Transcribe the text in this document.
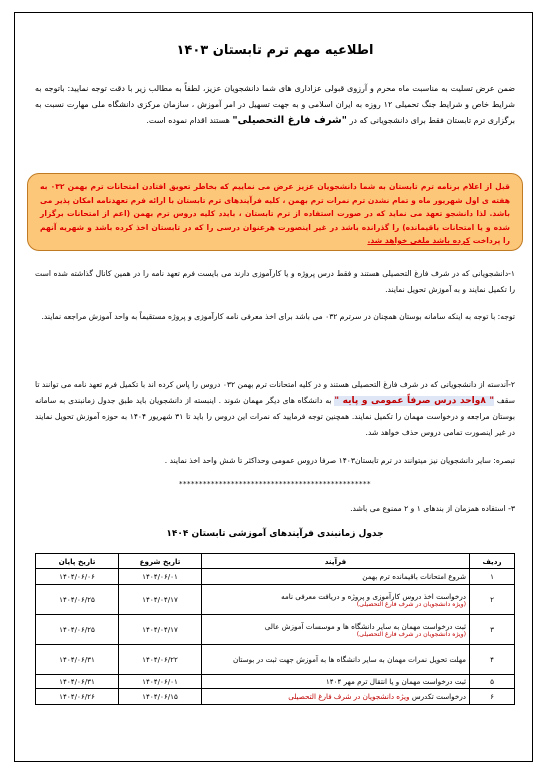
اطلاعیه مهم ترم تابستان ۱۴۰۳
ضمن عرض تسلیت به مناسبت ماه محرم و آرزوی قبولی عزاداری های شما دانشجویان عزیز، لطفاً به مطالب زیر با دقت توجه نمایید: باتوجه به شرایط خاص و شرایط جنگ تحمیلی ۱۲ روزه به ایران اسلامی و به جهت تسهیل در امر آموزش ، سازمان مرکزی دانشگاه ملی مهارت نسبت به برگزاری ترم تابستان فقط برای دانشجویانی که در "شرف فارغ التحصیلی" هستند اقدام نموده است.
قبل از اعلام برنامه ترم تابستان به شما دانشجویان عزیز عرض می نماییم که بخاطر تعویق افتادن امتحانات ترم بهمن ۰۳۲ به هفته ی اول شهریور ماه و تمام نشدن ترم نمرات ترم بهمن ، کلیه فرآیندهای ترم تابستان با ارائه فرم تعهدنامه امکان پذیر می باشد. لذا دانشجو تعهد می نماید که در صورت استفاده از ترم تابستان ، بایدد کلیه دروس ترم بهمن (اعم از امتحانات برگزار شده و یا امتحانات باقیمانده) را گذرانده باشد در غیر اینصورت هرعنوان درسی را که در تابستان اخذ کرده باشد و شهریه آنهم را پرداخت کرده باشد ملغی خواهد شد.
۱-دانشجویانی که در شرف فارغ التحصیلی هستند و فقط درس پروژه و یا کارآموزی دارند می بایست فرم تعهد نامه را در همین کانال گذاشته شده است را تکمیل نمایند و به آموزش تحویل نمایند.
توجه: با توجه به اینکه سامانه بوستان همچنان در سرترم ۰۳۲ می باشد برای اخذ معرفی نامه کارآموزی و پروژه مستقیماً به واحد آموزش مراجعه نمایند.
۲-آندسته از دانشجویانی که در شرف فارغ التحصیلی هستند و در کلیه امتحانات ترم بهمن ۰۳۲ دروس را پاس کرده اند با تکمیل فرم تعهد نامه می توانند تا سقف " ۸واحد درس صرفاً عمومی و پایه " به دانشگاه های دیگر مهمان شوند . اینبسته از دانشجویان باید طبق جدول زمانبندی به سامانه بوستان مراجعه و درخواست مهمان را تکمیل نمایند. همچنین توجه فرمایید که نمرات این دروس را باید تا ۳۱ شهریور ۱۴۰۴ به حوزه آموزش تحویل نمایند در غیر اینصورت تمامی دروس حذف خواهد شد.
تبصره: سایر دانشجویان نیز میتوانند در ترم تابستان۱۴۰۳ صرفا دروس عمومی وحداکثر تا شش واحد اخذ نمایند .
************************************************
۳- استفاده همزمان از بندهای ۱ و ۲ ممنوع می باشد.
جدول زمانبندی فرآیندهای آموزشی تابستان ۱۴۰۴
ردیف	فرآیند	تاریخ شروع	تاریخ پایان
۱	شروع امتحانات باقیمانده ترم بهمن	۱۴۰۴/۰۶/۰۱	۱۴۰۴/۰۶/۰۶
۲	درخواست اخذ دروس کارآموزی و پروژه و دریافت معرفی نامه
(ویژه دانشجویان در شرف فارغ التحصیلی)	۱۴۰۴/۰۴/۱۷	۱۴۰۴/۰۶/۲۵
۳	ثبت درخواست مهمان به سایر دانشگاه ها و موسسات آموزش عالی
(ویژه دانشجویان در شرف فارغ التحصیلی)	۱۴۰۴/۰۴/۱۷	۱۴۰۴/۰۶/۲۵
۴	مهلت تحویل نمرات مهمان به سایر دانشگاه ها به آموزش جهت ثبت در بوستان	۱۴۰۴/۰۶/۲۲	۱۴۰۴/۰۶/۳۱
۵	ثبت درخواست مهمان و یا انتقال ترم مهر ۱۴۰۴	۱۴۰۴/۰۶/۰۱	۱۴۰۴/۰۶/۳۱
۶	درخواست تکدرس ویژه دانشجویان در شرف فارغ التحصیلی	۱۴۰۴/۰۶/۱۵	۱۴۰۴/۰۶/۲۶
